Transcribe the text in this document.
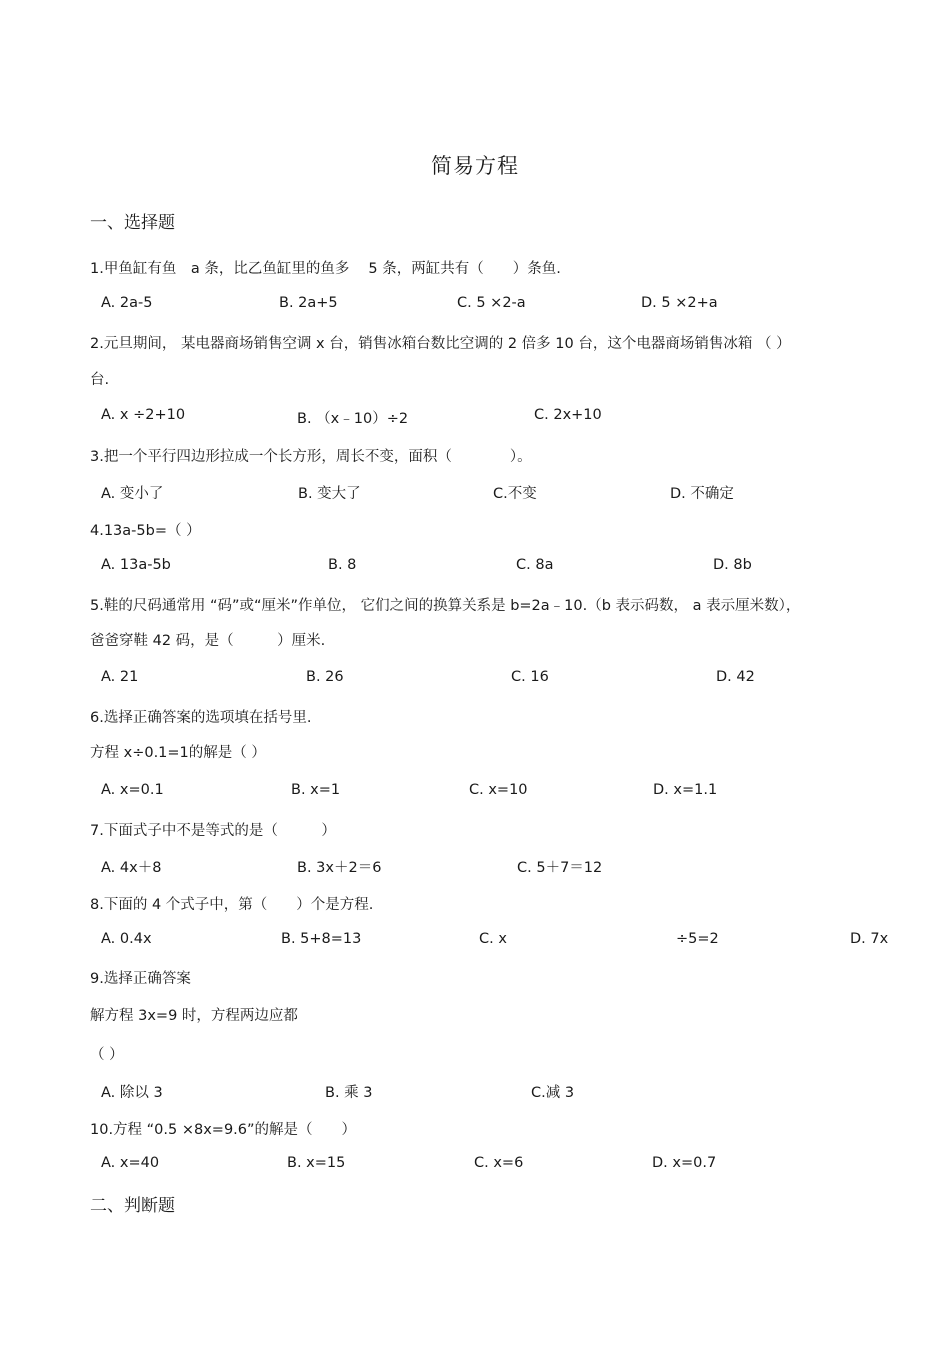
简易方程
一、选择题
1.甲鱼缸有鱼　a 条，比乙鱼缸里的鱼多　 5 条，两缸共有（　　）条鱼.
A. 2a-5	B. 2a+5	C. 5 ×2-a	D. 5 ×2+a
2.元旦期间， 某电器商场销售空调 x 台，销售冰箱台数比空调的 2 倍多 10 台，这个电器商场销售冰箱 （ ）
台.
A. x ÷2+10	B. （x﹣10）÷2	C. 2x+10
3.把一个平行四边形拉成一个长方形，周长不变，面积（　　　　）。
A. 变小了	B. 变大了	C.不变	D. 不确定
4.13a-5b=（ ）
A. 13a-5b	B. 8	C. 8a	D. 8b
5.鞋的尺码通常用 “码”或“厘米”作单位， 它们之间的换算关系是 b=2a﹣10.（b 表示码数， a 表示厘米数），
爸爸穿鞋 42 码，是（　　　）厘米.
A. 21	B. 26	C. 16	D. 42
6.选择正确答案的选项填在括号里.
方程 x÷0.1=1的解是（ ）
A. x=0.1	B. x=1	C. x=10	D. x=1.1
7.下面式子中不是等式的是（　　　）
A. 4x＋8	B. 3x＋2＝6	C. 5＋7＝12
8.下面的 4 个式子中，第（　　）个是方程.
A. 0.4x	B. 5+8=13	C. x	÷5=2	D. 7x
9.选择正确答案
解方程 3x=9 时，方程两边应都
（ ）
A. 除以 3	B. 乘 3	C.减 3
10.方程 “0.5 ×8x=9.6”的解是（　　）
A. x=40	B. x=15	C. x=6	D. x=0.7
二、判断题
